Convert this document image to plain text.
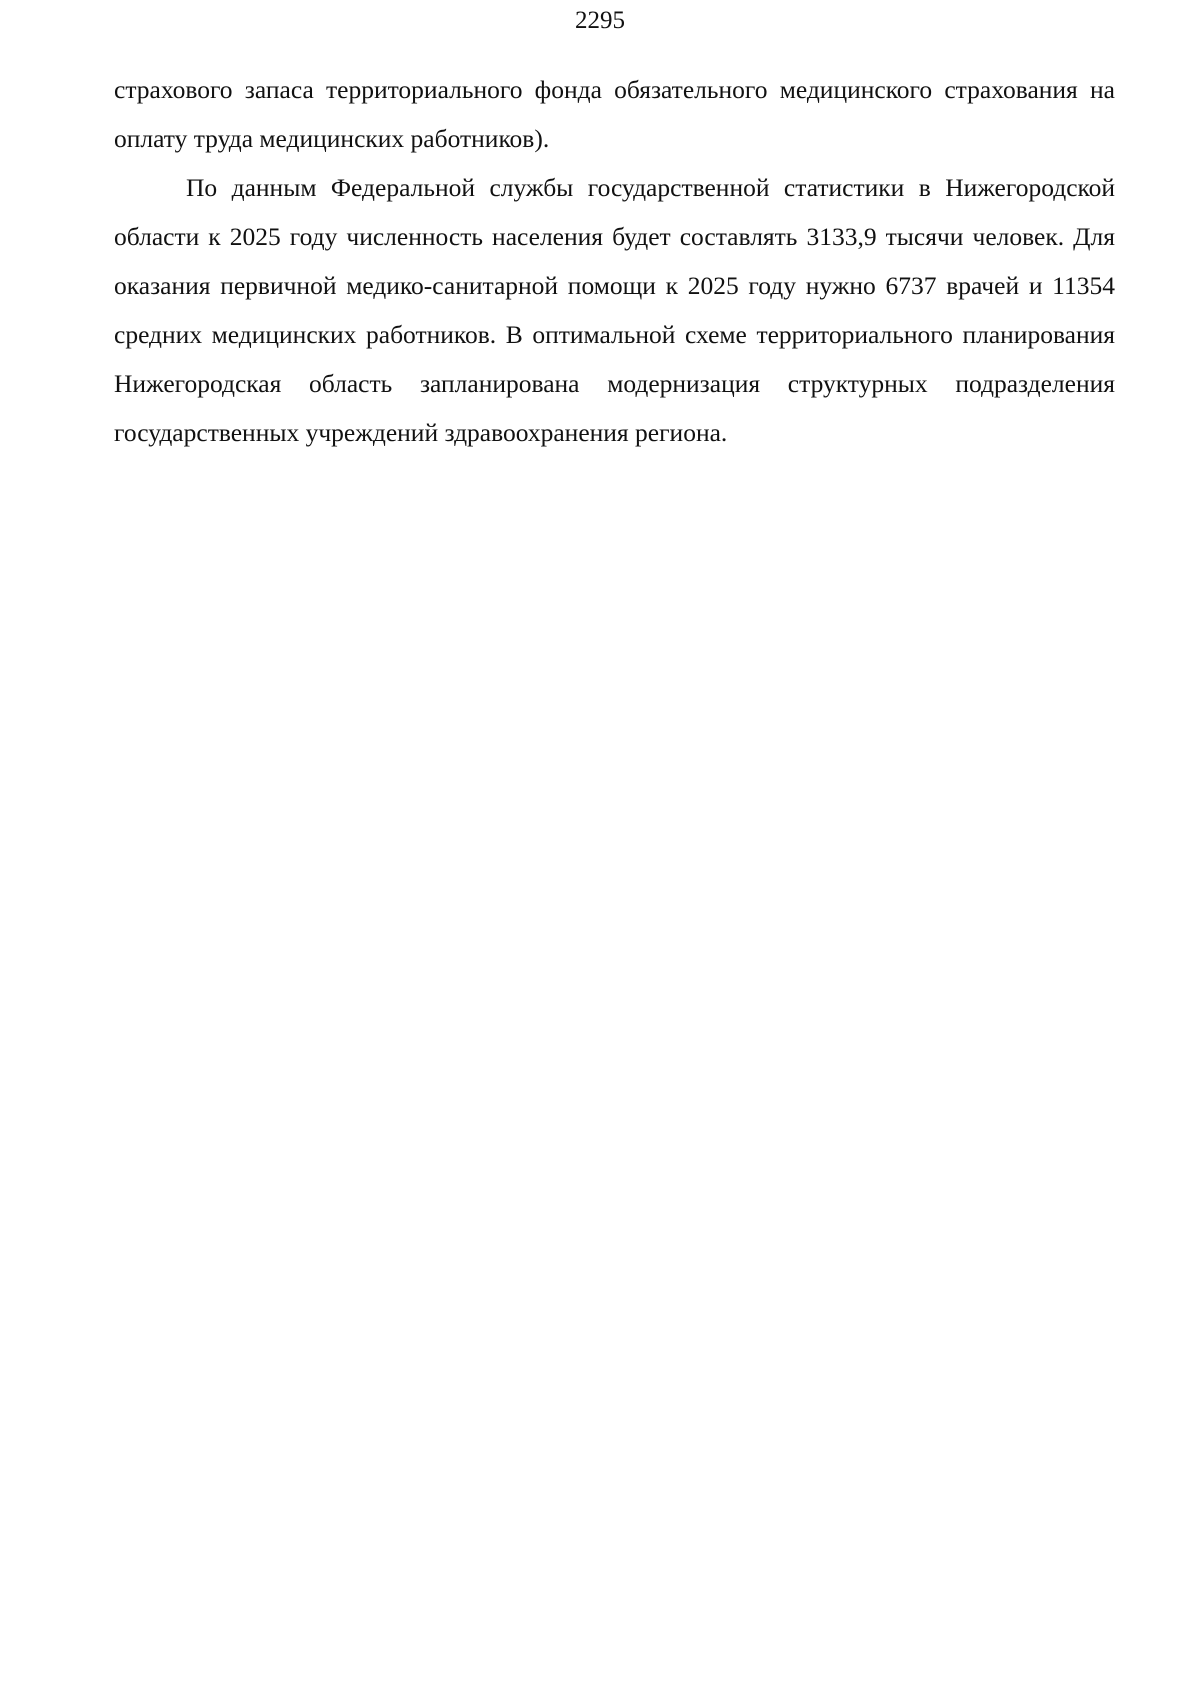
2295

страхового запаса территориального фонда обязательного медицинского страхования на оплату труда медицинских работников).

По данным Федеральной службы государственной статистики в Нижегородской области к 2025 году численность населения будет составлять 3133,9 тысячи человек. Для оказания первичной медико-санитарной помощи к 2025 году нужно 6737 врачей и 11354 средних медицинских работников. В оптимальной схеме территориального планирования Нижегородская область запланирована модернизация структурных подразделения государственных учреждений здравоохранения региона.
